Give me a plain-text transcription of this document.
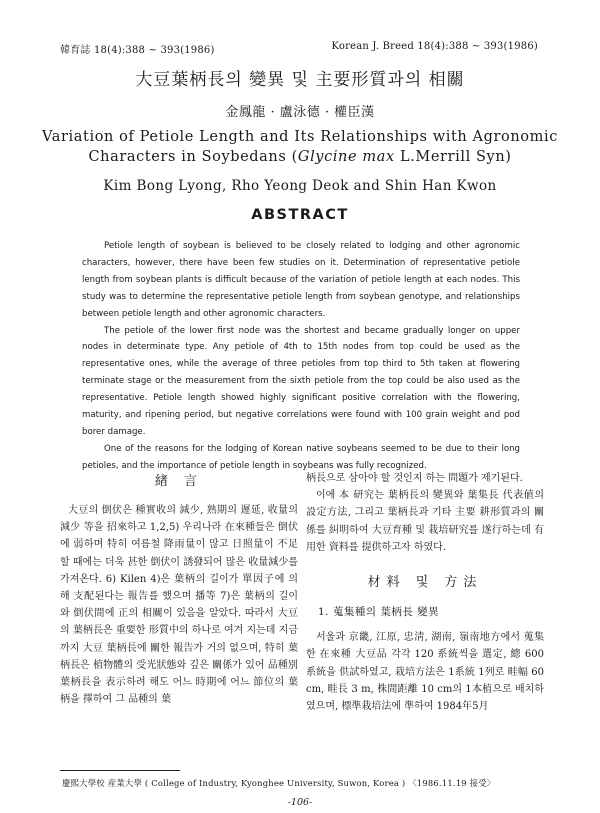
韓育誌 18(4):388 ~ 393(1986)	Korean J. Breed 18(4):388 ~ 393(1986)
大豆葉柄長의 變異 및 主要形質과의 相關
金鳳龍 · 盧泳德 · 權臣漢
Variation of Petiole Length and Its Relationships with Agronomic
Characters in Soybedans (Glycine max L.Merrill Syn)
Kim Bong Lyong, Rho Yeong Deok and Shin Han Kwon
ABSTRACT

Petiole length of soybean is believed to be closely related to lodging and other agronomic characters, however, there have been few studies on it. Determination of representative petiole length from soybean plants is difficult because of the variation of petiole length at each nodes. This study was to determine the representative petiole length from soybean genotype, and relationships between petiole length and other agronomic characters.

The petiole of the lower first node was the shortest and became gradually longer on upper nodes in determinate type. Any petiole of 4th to 15th nodes from top could be used as the representative ones, while the average of three petioles from top third to 5th taken at flowering terminate stage or the measurement from the sixth petiole from the top could be also used as the representative. Petiole length showed highly significant positive correlation with the flowering, maturity, and ripening period, but negative correlations were found with 100 grain weight and pod borer damage.

One of the reasons for the lodging of Korean native soybeans seemed to be due to their long petioles, and the importance of petiole length in soybeans was fully recognized.

緖 言

大豆의 倒伏은 種實收의 減少, 熟期의 遲延, 收量의 減少 等을 招來하고 1,2,5) 우리나라 在來種들은 倒伏에 弱하며 特히 여름철 降雨量이 많고 日照量이 不足할 때에는 더욱 甚한 倒伏이 誘發되어 많은 收量減少를 가져온다. 6) Kilen 4)은 葉柄의 길이가 單因子에 의해 支配된다는 報告를 했으며 播等 7)은 葉柄의 길이와 倒伏間에 正의 相關이 있음을 알았다. 따라서 大豆의 葉柄長은 重要한 形質中의 하나로 여겨 지는데 지금까지 大豆 葉柄長에 關한 報告가 거의 없으며, 特히 葉柄長은 植物體의 受光狀態와 깊은 關係가 있어 品種別 葉柄長을 表示하려 해도 어느 時期에 어느 節位의 葉柄을 擇하여 그 品種의 葉

柄長으로 삼아야 할 것인지 하는 問題가 제기된다.

이에 本 研究는 葉柄長의 變異와 葉集長 代表値의 設定方法, 그리고 葉柄長과 기타 主要 耕形質과의 關係를 糾明하여 大豆育種 및 栽培研究를 遂行하는데 有用한 資料를 提供하고자 하였다.

材料 및 方法
1. 蒐集種의 葉柄長 變異

서울과 京畿, 江原, 忠淸, 湖南, 嶺南地方에서 蒐集한 在來種 大豆品 각각 120 系統씩을 選定, 總 600 系統을 供試하였고, 栽培方法은 1系統 1列로 畦幅 60 cm, 畦長 3 m, 株間距離 10 cm의 1本植으로 배치하였으며, 標準栽培法에 準하여 1984年5月

慶熙大學校 産業大學 ( College of Industry, Kyonghee University, Suwon, Korea ) 〈1986.11.19 接受〉
-106-
